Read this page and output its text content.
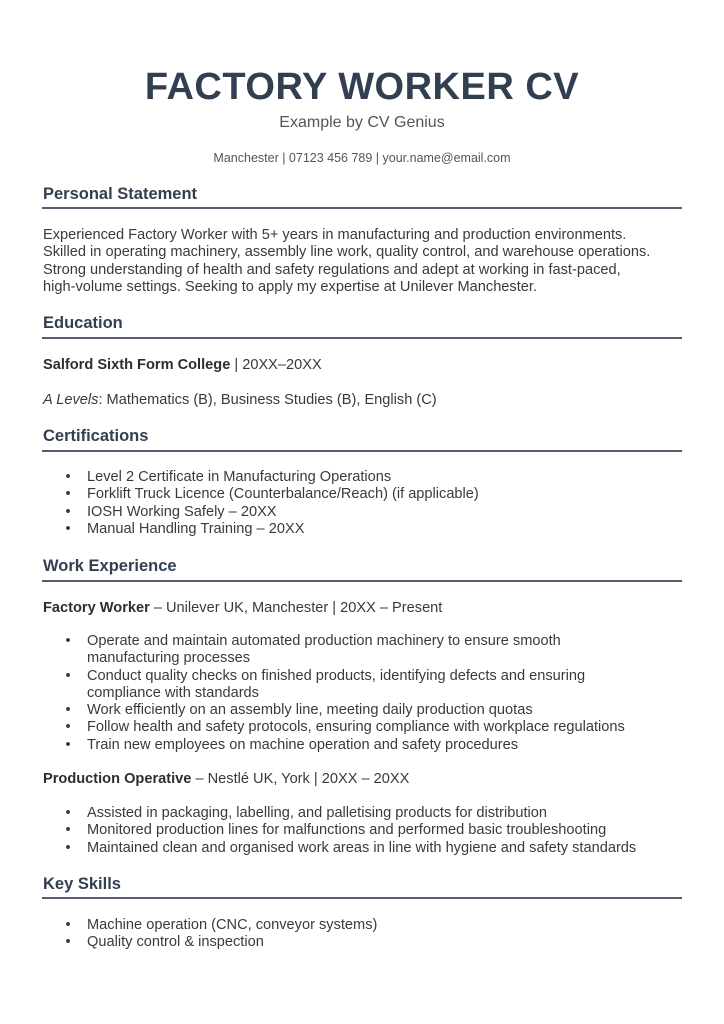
FACTORY WORKER CV
Example by CV Genius
Manchester | 07123 456 789 | your.name@email.com
Personal Statement
Experienced Factory Worker with 5+ years in manufacturing and production environments.
Skilled in operating machinery, assembly line work, quality control, and warehouse operations.
Strong understanding of health and safety regulations and adept at working in fast-paced,
high-volume settings. Seeking to apply my expertise at Unilever Manchester.
Education
Salford Sixth Form College | 20XX–20XX
A Levels: Mathematics (B), Business Studies (B), English (C)
Certifications
• Level 2 Certificate in Manufacturing Operations
• Forklift Truck Licence (Counterbalance/Reach) (if applicable)
• IOSH Working Safely – 20XX
• Manual Handling Training – 20XX
Work Experience
Factory Worker – Unilever UK, Manchester | 20XX – Present
• Operate and maintain automated production machinery to ensure smooth
manufacturing processes
• Conduct quality checks on finished products, identifying defects and ensuring
compliance with standards
• Work efficiently on an assembly line, meeting daily production quotas
• Follow health and safety protocols, ensuring compliance with workplace regulations
• Train new employees on machine operation and safety procedures
Production Operative – Nestlé UK, York | 20XX – 20XX
• Assisted in packaging, labelling, and palletising products for distribution
• Monitored production lines for malfunctions and performed basic troubleshooting
• Maintained clean and organised work areas in line with hygiene and safety standards
Key Skills
• Machine operation (CNC, conveyor systems)
• Quality control & inspection
